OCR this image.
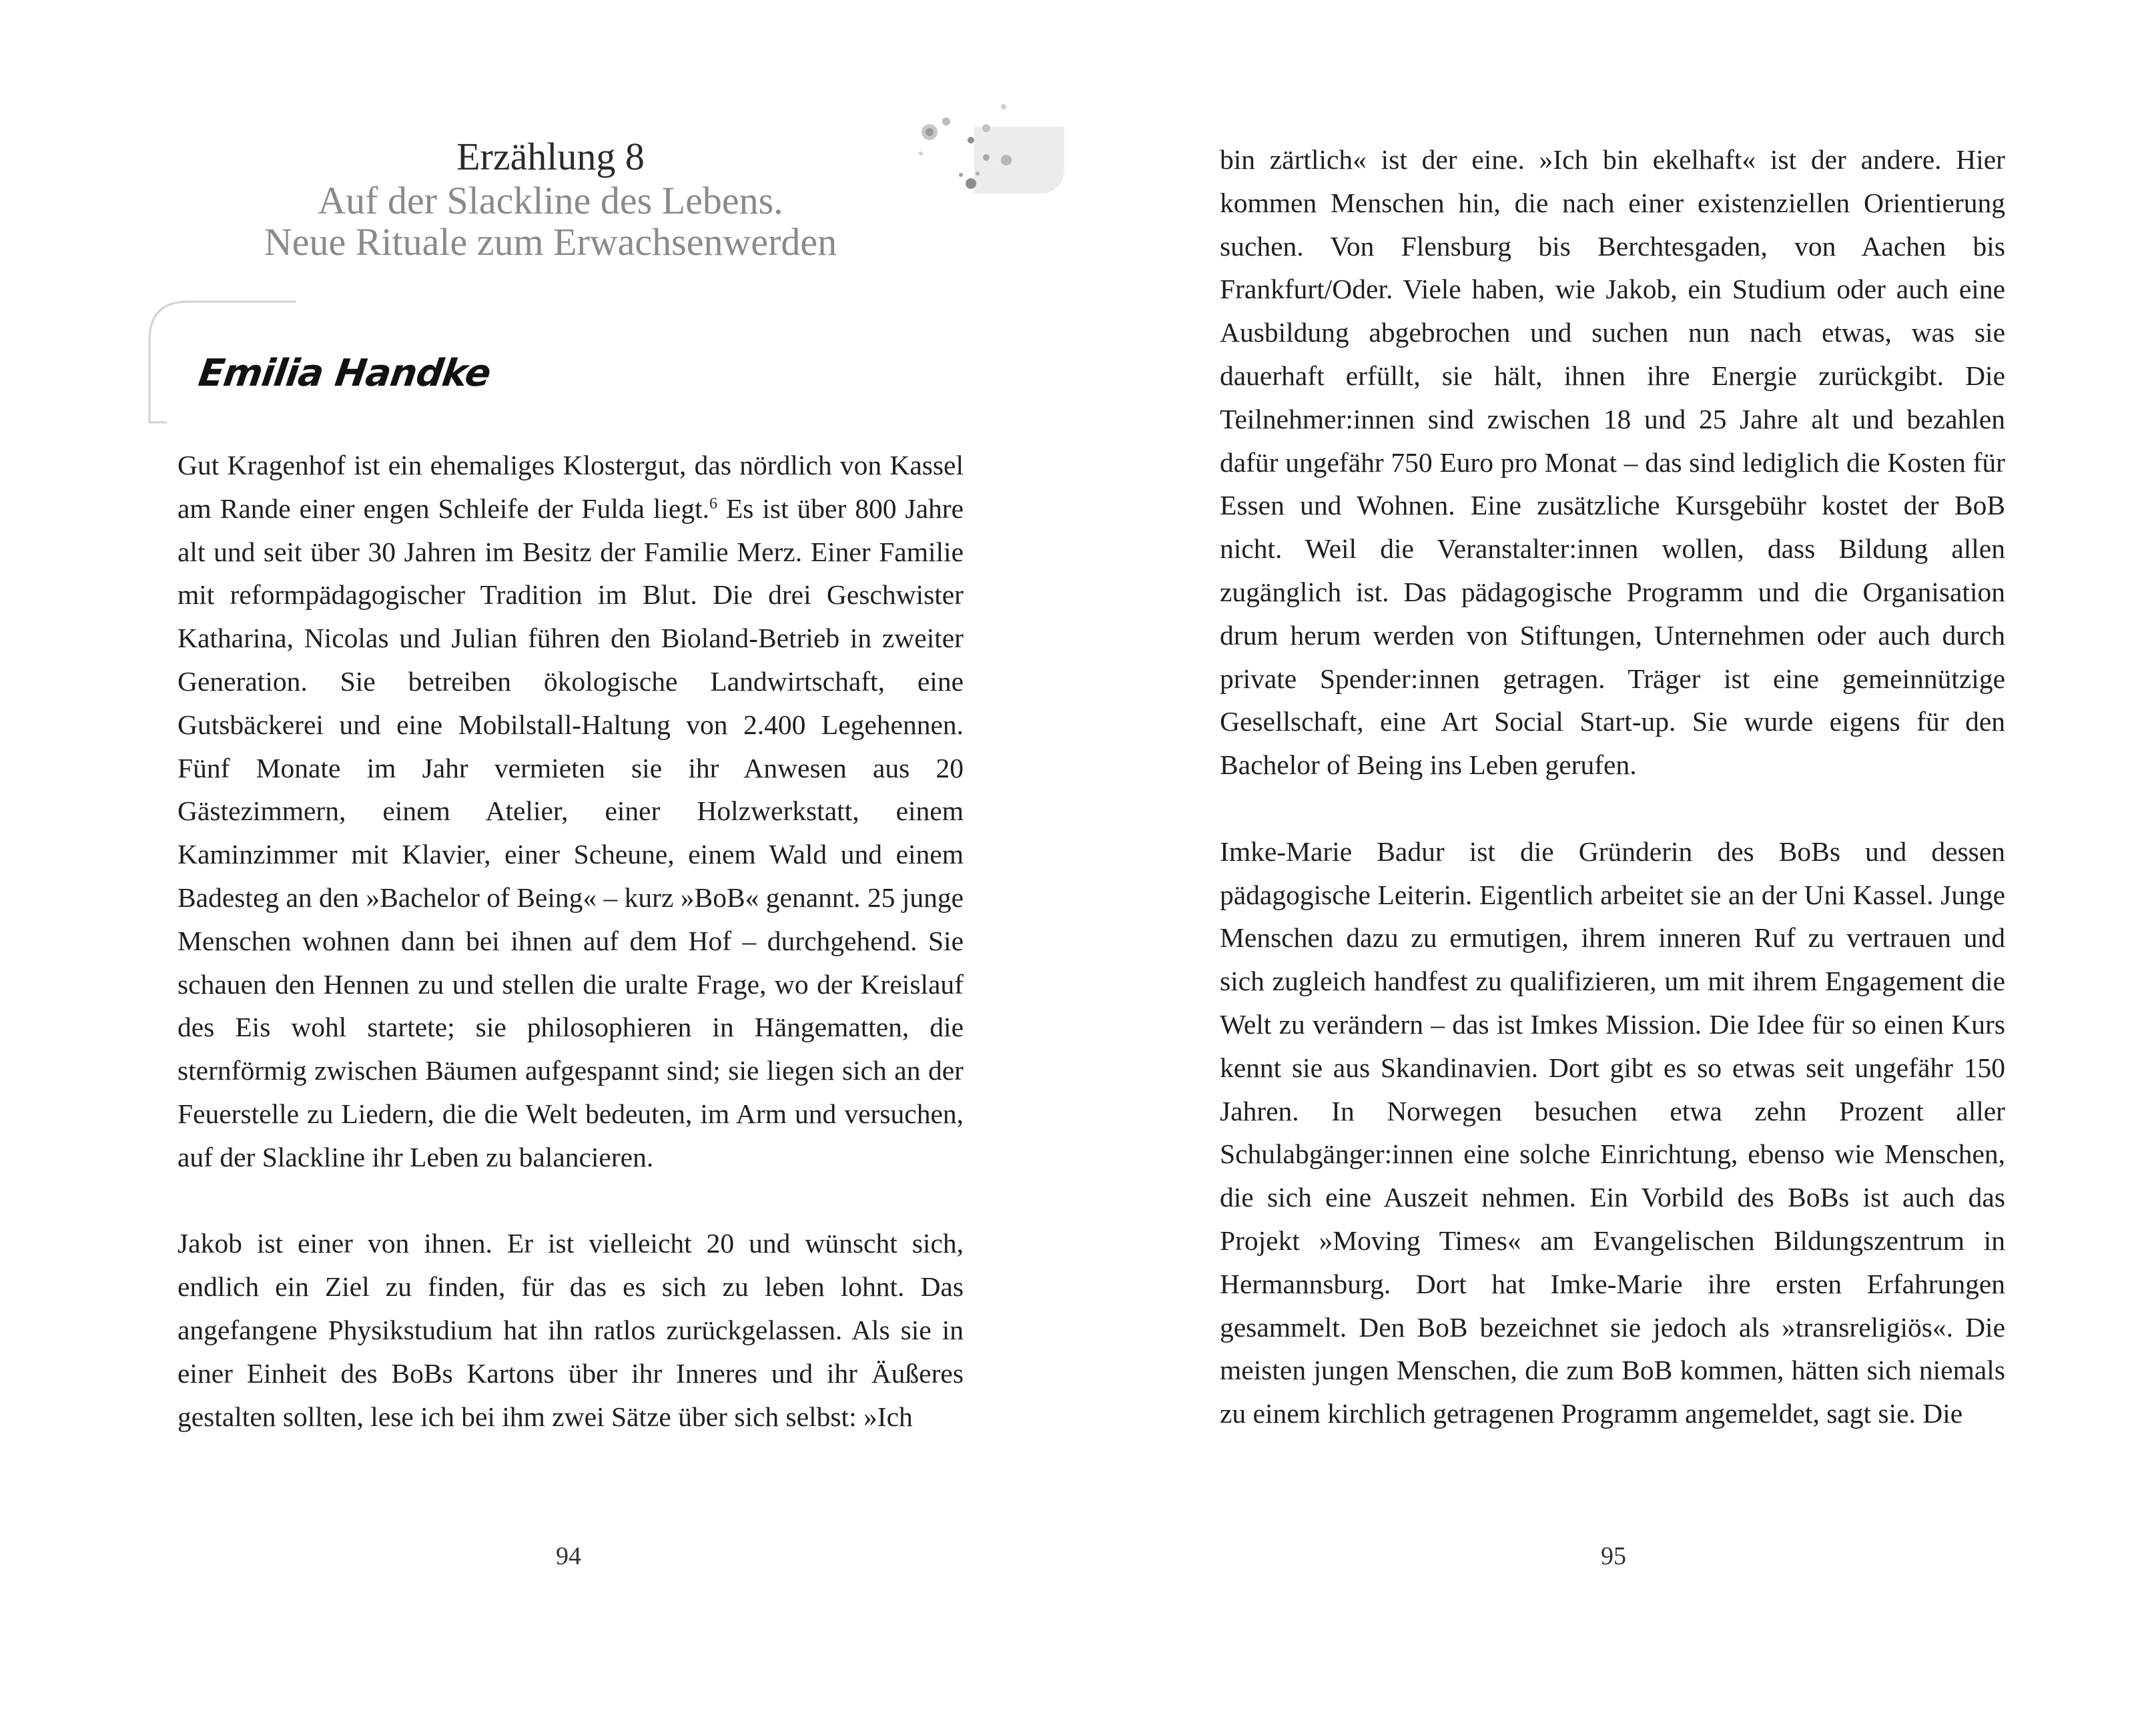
Erzählung 8
Auf der Slackline des Lebens.
Neue Rituale zum Erwachsenwerden
Emilia Handke

Gut Kragenhof ist ein ehemaliges Klostergut, das nördlich von Kassel am Rande einer engen Schleife der Fulda liegt.$^6$ Es ist über 800 Jahre alt und seit über 30 Jahren im Besitz der Familie Merz. Einer Familie mit reformpädagogischer Tradition im Blut. Die drei Geschwister Katharina, Nicolas und Julian führen den Bioland-Betrieb in zweiter Generation. Sie betreiben ökologische Landwirtschaft, eine Gutsbäckerei und eine Mobilstall-Haltung von 2.400 Legehennen. Fünf Monate im Jahr vermieten sie ihr Anwesen aus 20 Gästezimmern, einem Atelier, einer Holzwerkstatt, einem Kaminzimmer mit Klavier, einer Scheune, einem Wald und einem Badesteg an den »Bachelor of Being« – kurz »BoB« genannt. 25 junge Menschen wohnen dann bei ihnen auf dem Hof – durchgehend. Sie schauen den Hennen zu und stellen die uralte Frage, wo der Kreislauf des Eis wohl startete; sie philosophieren in Hängematten, die sternförmig zwischen Bäumen aufgespannt sind; sie liegen sich an der Feuerstelle zu Liedern, die die Welt bedeuten, im Arm und versuchen, auf der Slackline ihr Leben zu balancieren.

Jakob ist einer von ihnen. Er ist vielleicht 20 und wünscht sich, endlich ein Ziel zu finden, für das es sich zu leben lohnt. Das angefangene Physikstudium hat ihn ratlos zurückgelassen. Als sie in einer Einheit des BoBs Kartons über ihr Inneres und ihr Äußeres gestalten sollten, lese ich bei ihm zwei Sätze über sich selbst: »Ich

94

bin zärtlich« ist der eine. »Ich bin ekelhaft« ist der andere. Hier kommen Menschen hin, die nach einer existenziellen Orientierung suchen. Von Flensburg bis Berchtesgaden, von Aachen bis Frankfurt/Oder. Viele haben, wie Jakob, ein Studium oder auch eine Ausbildung abgebrochen und suchen nun nach etwas, was sie dauerhaft erfüllt, sie hält, ihnen ihre Energie zurückgibt. Die Teilnehmer:innen sind zwischen 18 und 25 Jahre alt und bezahlen dafür ungefähr 750 Euro pro Monat – das sind lediglich die Kosten für Essen und Wohnen. Eine zusätzliche Kursgebühr kostet der BoB nicht. Weil die Veranstalter:innen wollen, dass Bildung allen zugänglich ist. Das pädagogische Programm und die Organisation drum herum werden von Stiftungen, Unternehmen oder auch durch private Spender:innen getragen. Träger ist eine gemeinnützige Gesellschaft, eine Art Social Start-up. Sie wurde eigens für den Bachelor of Being ins Leben gerufen.

Imke-Marie Badur ist die Gründerin des BoBs und dessen pädagogische Leiterin. Eigentlich arbeitet sie an der Uni Kassel. Junge Menschen dazu zu ermutigen, ihrem inneren Ruf zu vertrauen und sich zugleich handfest zu qualifizieren, um mit ihrem Engagement die Welt zu verändern – das ist Imkes Mission. Die Idee für so einen Kurs kennt sie aus Skandinavien. Dort gibt es so etwas seit ungefähr 150 Jahren. In Norwegen besuchen etwa zehn Prozent aller Schulabgänger:innen eine solche Einrichtung, ebenso wie Menschen, die sich eine Auszeit nehmen. Ein Vorbild des BoBs ist auch das Projekt »Moving Times« am Evangelischen Bildungszentrum in Hermannsburg. Dort hat Imke-Marie ihre ersten Erfahrungen gesammelt. Den BoB bezeichnet sie jedoch als »transreligiös«. Die meisten jungen Menschen, die zum BoB kommen, hätten sich niemals zu einem kirchlich getragenen Programm angemeldet, sagt sie. Die

95
